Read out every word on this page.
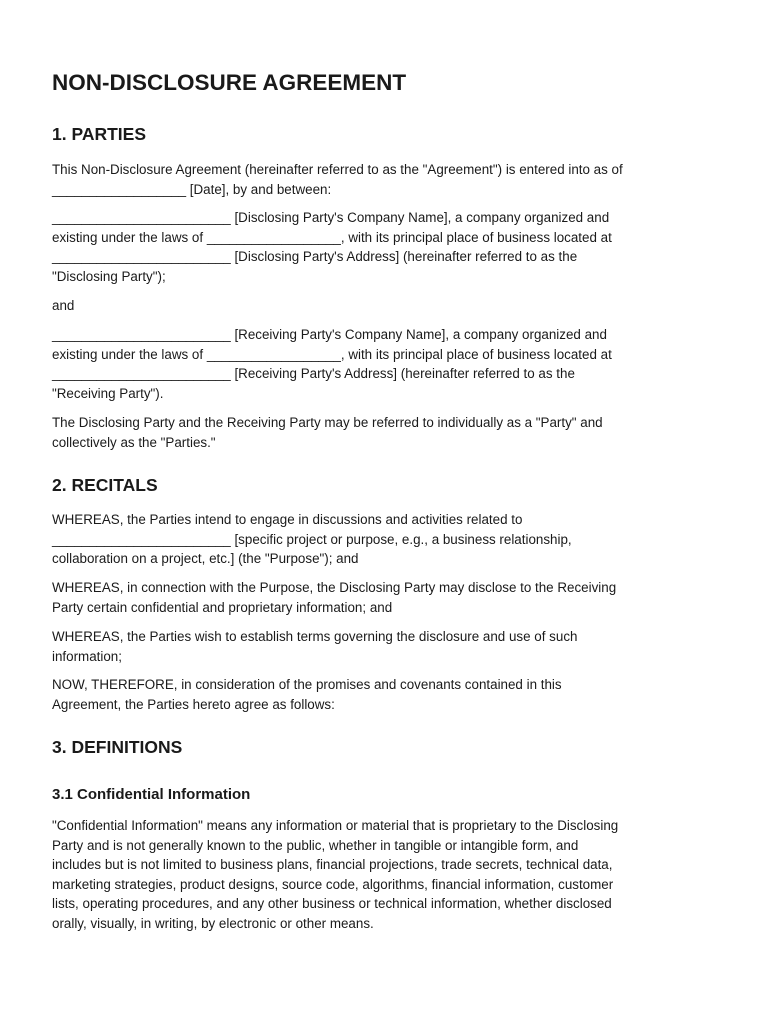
NON-DISCLOSURE AGREEMENT
1. PARTIES
This Non-Disclosure Agreement (hereinafter referred to as the "Agreement") is entered into as of
__________________ [Date], by and between:
________________________ [Disclosing Party's Company Name], a company organized and
existing under the laws of __________________, with its principal place of business located at
________________________ [Disclosing Party's Address] (hereinafter referred to as the
"Disclosing Party");
and
________________________ [Receiving Party's Company Name], a company organized and
existing under the laws of __________________, with its principal place of business located at
________________________ [Receiving Party's Address] (hereinafter referred to as the
"Receiving Party").
The Disclosing Party and the Receiving Party may be referred to individually as a "Party" and
collectively as the "Parties."
2. RECITALS
WHEREAS, the Parties intend to engage in discussions and activities related to
________________________ [specific project or purpose, e.g., a business relationship,
collaboration on a project, etc.] (the "Purpose"); and
WHEREAS, in connection with the Purpose, the Disclosing Party may disclose to the Receiving
Party certain confidential and proprietary information; and
WHEREAS, the Parties wish to establish terms governing the disclosure and use of such
information;
NOW, THEREFORE, in consideration of the promises and covenants contained in this
Agreement, the Parties hereto agree as follows:
3. DEFINITIONS
3.1 Confidential Information
"Confidential Information" means any information or material that is proprietary to the Disclosing
Party and is not generally known to the public, whether in tangible or intangible form, and
includes but is not limited to business plans, financial projections, trade secrets, technical data,
marketing strategies, product designs, source code, algorithms, financial information, customer
lists, operating procedures, and any other business or technical information, whether disclosed
orally, visually, in writing, by electronic or other means.
